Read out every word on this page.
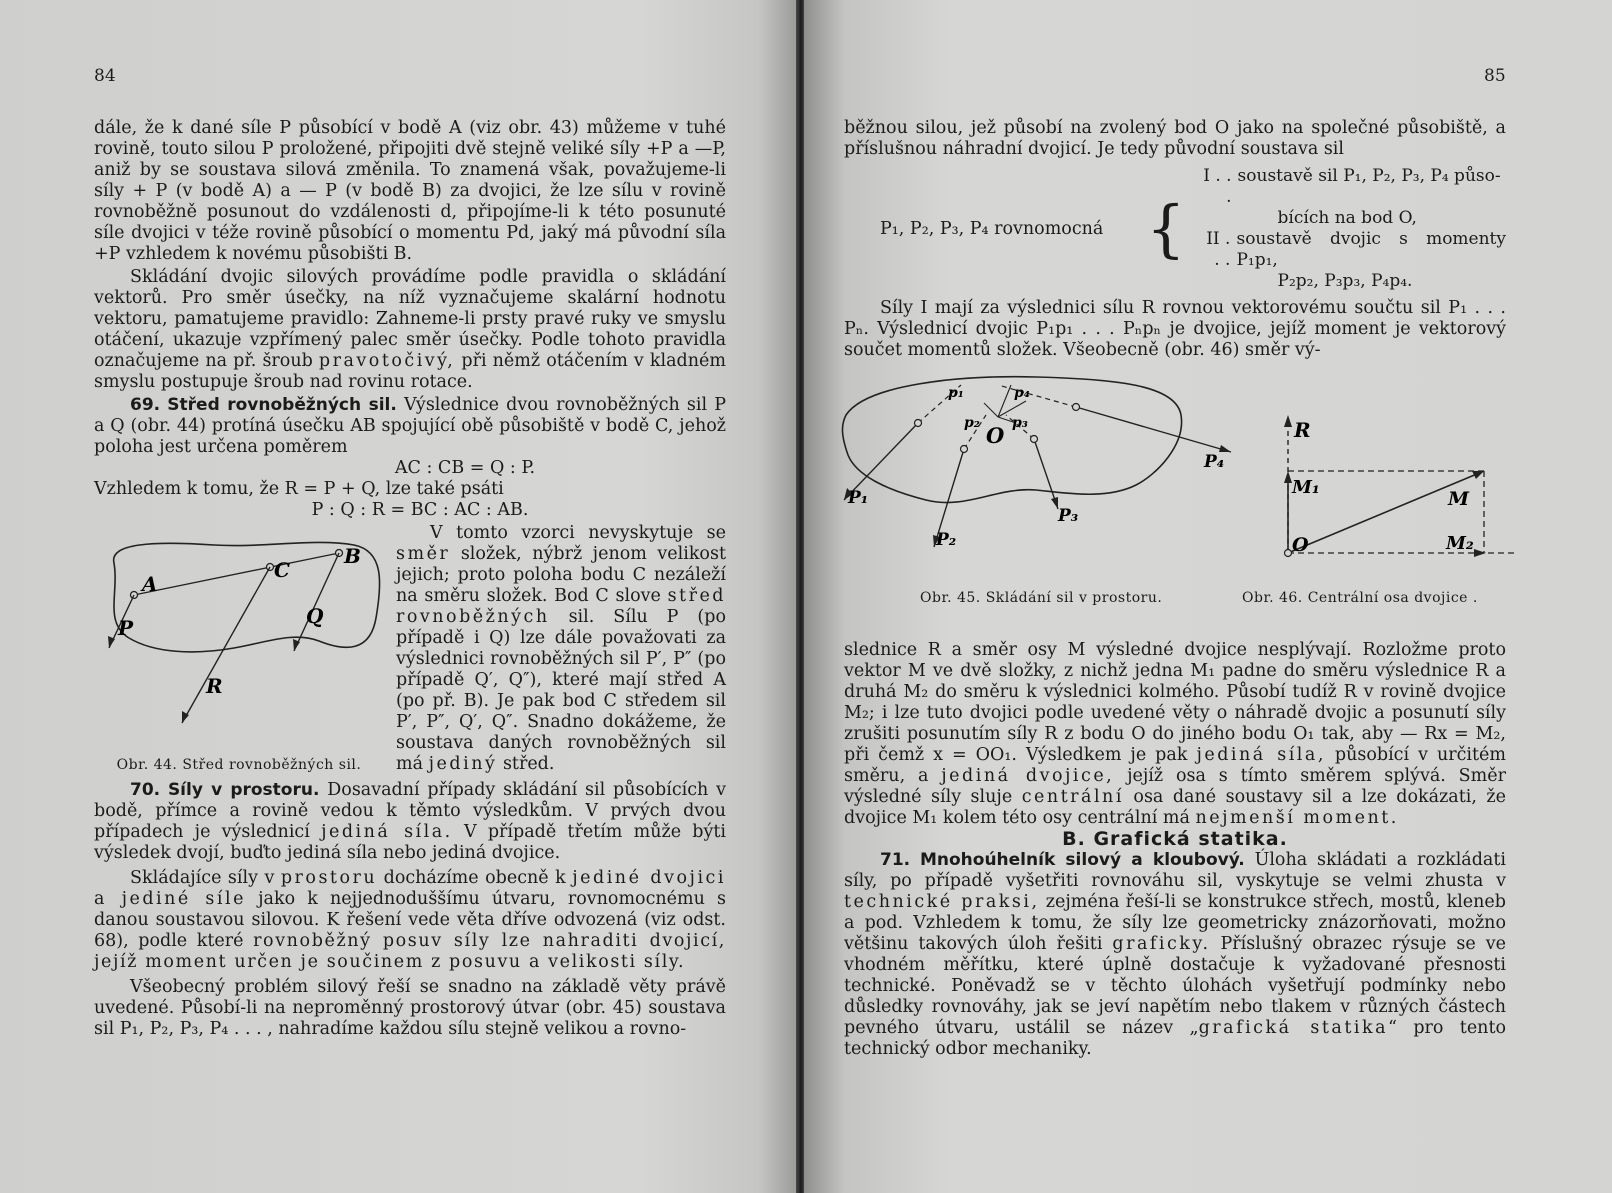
84

dále, že k dané síle P působící v bodě A (viz obr. 43) můžeme v tuhé rovině, touto silou P proložené, připojiti dvě stejně veliké síly +P a —P, aniž by se soustava silová změnila. To znamená však, považujeme-li síly + P (v bodě A) a — P (v bodě B) za dvojici, že lze sílu v rovině rovnoběžně posunout do vzdálenosti d, připojíme-li k této posunuté síle dvojici v téže rovině působící o momentu Pd, jaký má původní síla +P vzhledem k novému působišti B.

Skládání dvojic silových provádíme podle pravidla o skládání vektorů. Pro směr úsečky, na níž vyznačujeme skalární hodnotu vektoru, pamatujeme pravidlo: Zahneme-li prsty pravé ruky ve smyslu otáčení, ukazuje vzpřímený palec směr úsečky. Podle tohoto pravidla označujeme na př. šroub pravotočivý, při němž otáčením v kladném smyslu postupuje šroub nad rovinu rotace.

69. Střed rovnoběžných sil. Výslednice dvou rovnoběžných sil P a Q (obr. 44) protíná úsečku AB spojující obě působiště v bodě C, jehož poloha jest určena poměrem

AC : CB = Q : P.

Vzhledem k tomu, že R = P + Q, lze také psáti

P : Q : R = BC : AC : AB.

A
B
C
P	Q
R
Obr. 44. Střed rovnoběžných sil.

V tomto vzorci nevyskytuje se směr složek, nýbrž jenom velikost jejich; proto poloha bodu C nezáleží na směru složek. Bod C slove střed rovnoběžných sil. Sílu P (po případě i Q) lze dále považovati za výslednici rovnoběžných sil P′, P″ (po případě Q′, Q″), které mají střed A (po př. B). Je pak bod C středem sil P′, P″, Q′, Q″. Snadno dokážeme, že soustava daných rovnoběžných sil má jediný střed.

70. Síly v prostoru. Dosavadní případy skládání sil působících v bodě, přímce a rovině vedou k těmto výsledkům. V prvých dvou případech je výslednicí jediná síla. V případě třetím může býti výsledek dvojí, buďto jediná síla nebo jediná dvojice.

Skládajíce síly v prostoru docházíme obecně k jediné dvojici a jediné síle jako k nejjednoduššímu útvaru, rovnomocnému s danou soustavou silovou. K řešení vede věta dříve odvozená (viz odst. 68), podle které rovnoběžný posuv síly lze nahraditi dvojicí, jejíž moment určen je součinem z posuvu a velikosti síly.

Všeobecný problém silový řeší se snadno na základě věty právě uvedené. Působí-li na neproměnný prostorový útvar (obr. 45) soustava sil P₁, P₂, P₃, P₄ . . . , nahradíme každou sílu stejně velikou a rovno-

85

běžnou silou, jež působí na zvolený bod O jako na společné působiště, a příslušnou náhradní dvojicí. Je tedy původní soustava sil

P₁, P₂, P₃, P₄ rovnomocná {
I . . .
soustavě sil P₁, P₂, P₃, P₄ půso-
bících na bod O,
II . . .
soustavě dvojic s momenty P₁p₁,
P₂p₂, P₃p₃, P₄p₄.

Síly I mají za výslednici sílu R rovnou vektorovému součtu sil P₁ . . . Pₙ. Výslednicí dvojic P₁p₁ . . . Pₙpₙ je dvojice, jejíž moment je vektorový součet momentů složek. Všeobecně (obr. 46) směr vý-

O
P₁
P₂
P₃
P₄
p₁
p₂ p₃
p₄
R
M₁
M
M₂
O
Obr. 45. Skládání sil v prostoru.	Obr. 46. Centrální osa dvojice .

slednice R a směr osy M výsledné dvojice nesplývají. Rozložme proto vektor M ve dvě složky, z nichž jedna M₁ padne do směru výslednice R a druhá M₂ do směru k výslednici kolmého. Působí tudíž R v rovině dvojice M₂; i lze tuto dvojici podle uvedené věty o náhradě dvojic a posunutí síly zrušiti posunutím síly R z bodu O do jiného bodu O₁ tak, aby — Rx = M₂, při čemž x = OO₁. Výsledkem je pak jediná síla, působící v určitém směru, a jediná dvojice, jejíž osa s tímto směrem splývá. Směr výsledné síly sluje centrální osa dané soustavy sil a lze dokázati, že dvojice M₁ kolem této osy centrální má nejmenší moment.

B. Grafická statika.

71. Mnohoúhelník silový a kloubový. Úloha skládati a rozkládati síly, po případě vyšetřiti rovnováhu sil, vyskytuje se velmi zhusta v technické praksi, zejména řeší-li se konstrukce střech, mostů, kleneb a pod. Vzhledem k tomu, že síly lze geometricky znázorňovati, možno většinu takových úloh řešiti graficky. Příslušný obrazec rýsuje se ve vhodném měřítku, které úplně dostačuje k vyžadované přesnosti technické. Poněvadž se v těchto úlohách vyšetřují podmínky nebo důsledky rovnováhy, jak se jeví napětím nebo tlakem v různých částech pevného útvaru, ustálil se název „grafická statika“ pro tento technický odbor mechaniky.
